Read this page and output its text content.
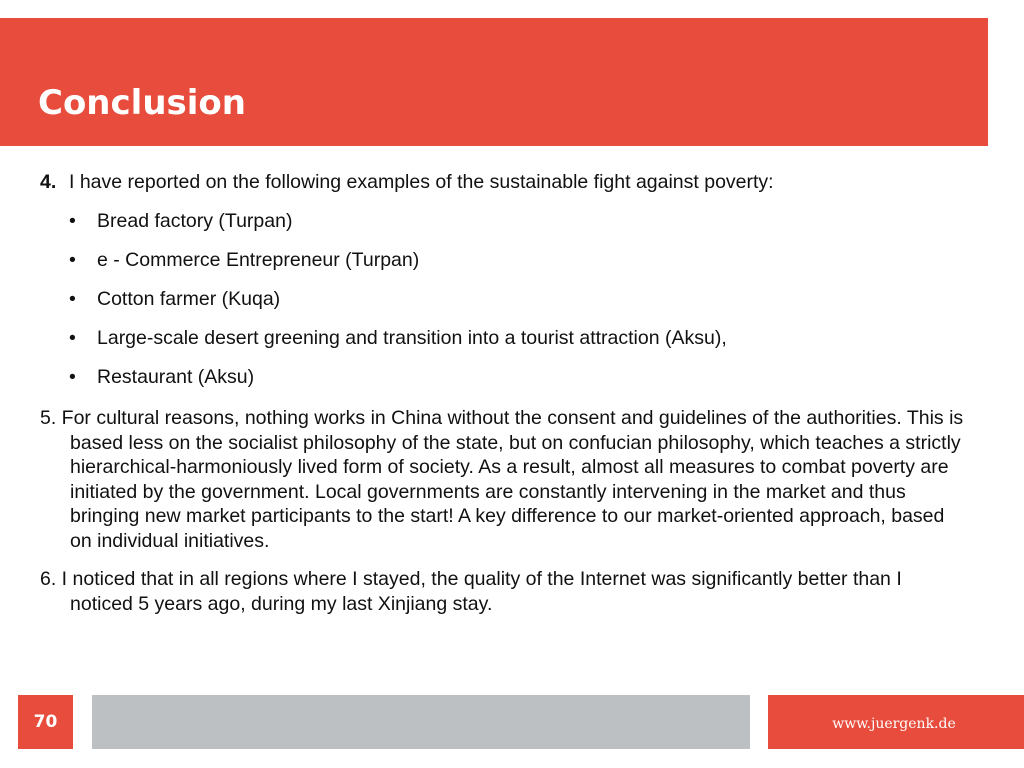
Conclusion

4. I have reported on the following examples of the sustainable fight against poverty:

• Bread factory (Turpan)
• e - Commerce Entrepreneur (Turpan)
• Cotton farmer (Kuqa)
• Large-scale desert greening and transition into a tourist attraction (Aksu),
• Restaurant (Aksu)

5. For cultural reasons, nothing works in China without the consent and guidelines of the authorities. This is based less on the socialist philosophy of the state, but on confucian philosophy, which teaches a strictly hierarchical-harmoniously lived form of society. As a result, almost all measures to combat poverty are initiated by the government. Local governments are constantly intervening in the market and thus bringing new market participants to the start! A key difference to our market-oriented approach, based on individual initiatives.

6. I noticed that in all regions where I stayed, the quality of the Internet was significantly better than I noticed 5 years ago, during my last Xinjiang stay.

70	www.juergenk.de
